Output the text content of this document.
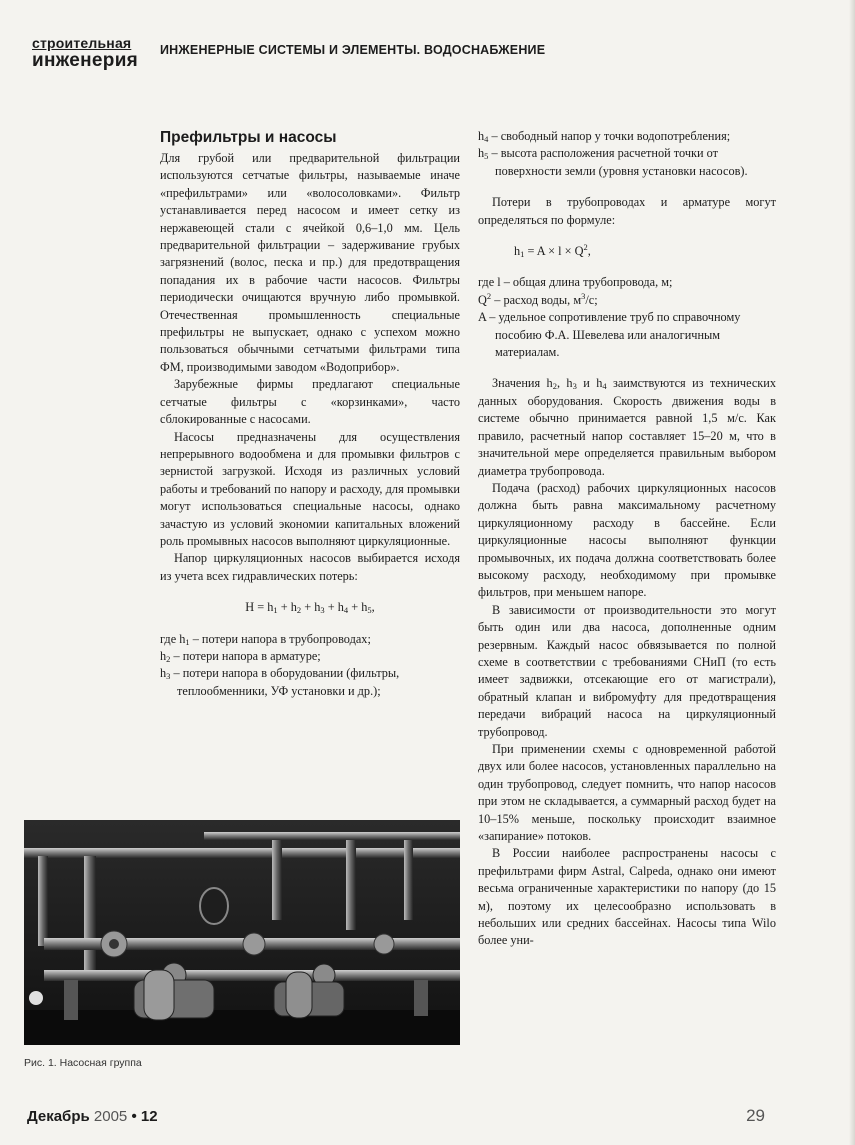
строительная
инженерия	ИНЖЕНЕРНЫЕ СИСТЕМЫ И ЭЛЕМЕНТЫ. ВОДОСНАБЖЕНИЕ
Префильтры и насосы

Для грубой или предварительной фильтрации используются сетчатые фильтры, называемые иначе «префильтрами» или «волосоловками». Фильтр устанавливается перед насосом и имеет сетку из нержавеющей стали с ячейкой 0,6–1,0 мм. Цель предварительной фильтрации – задерживание грубых загрязнений (волос, песка и пр.) для предотвращения попадания их в рабочие части насосов. Фильтры периодически очищаются вручную либо промывкой. Отечественная промышленность специальные префильтры не выпускает, однако с успехом можно пользоваться обычными сетчатыми фильтрами типа ФМ, производимыми заводом «Водоприбор».

Зарубежные фирмы предлагают специальные сетчатые фильтры с «корзинками», часто сблокированные с насосами.

Насосы предназначены для осуществления непрерывного водообмена и для промывки фильтров с зернистой загрузкой. Исходя из различных условий работы и требований по напору и расходу, для промывки могут использоваться специальные насосы, однако зачастую из условий экономии капитальных вложений роль промывных насосов выполняют циркуляционные.

Напор циркуляционных насосов выбирается исходя из учета всех гидравлических потерь:

$H = h_1 + h_2 + h_3 + h_4 + h_5$,
где $h_1$ – потери напора в трубопроводах;
$h_2$ – потери напора в арматуре;
$h_3$ – потери напора в оборудовании (фильтры, теплообменники, УФ установки и др.);
$h_4$ – свободный напор у точки водопотребления;
$h_5$ – высота расположения расчетной точки от поверхности земли (уровня установки насосов).

Потери в трубопроводах и арматуре могут определяться по формуле:

$h_1 = A \times l \times Q^2$,
где l – общая длина трубопровода, м;
$Q^2$ – расход воды, $м^3/с$;
A – удельное сопротивление труб по справочному пособию Ф.А. Шевелева или аналогичным материалам.

Значения $h_2$, $h_3$ и $h_4$ заимствуются из технических данных оборудования. Скорость движения воды в системе обычно принимается равной 1,5 м/с. Как правило, расчетный напор составляет 15–20 м, что в значительной мере определяется правильным выбором диаметра трубопровода.

Подача (расход) рабочих циркуляционных насосов должна быть равна максимальному расчетному циркуляционному расходу в бассейне. Если циркуляционные насосы выполняют функции промывочных, их подача должна соответствовать более высокому расходу, необходимому при промывке фильтров, при меньшем напоре.

В зависимости от производительности это могут быть один или два насоса, дополненные одним резервным. Каждый насос обвязывается по полной схеме в соответствии с требованиями СНиП (то есть имеет задвижки, отсекающие его от магистрали), обратный клапан и вибромуфту для предотвращения передачи вибраций насоса на циркуляционный трубопровод.

При применении схемы с одновременной работой двух или более насосов, установленных параллельно на один трубопровод, следует помнить, что напор насосов при этом не складывается, а суммарный расход будет на 10–15% меньше, поскольку происходит взаимное «запирание» потоков.

В России наиболее распространены насосы с префильтрами фирм Astral, Calpeda, однако они имеют весьма ограниченные характеристики по напору (до 15 м), поэтому их целесообразно использовать в небольших или средних бассейнах. Насосы типа Wilo более уни-

Рис. 1. Насосная группа
Декабрь 2005 • 12	29
